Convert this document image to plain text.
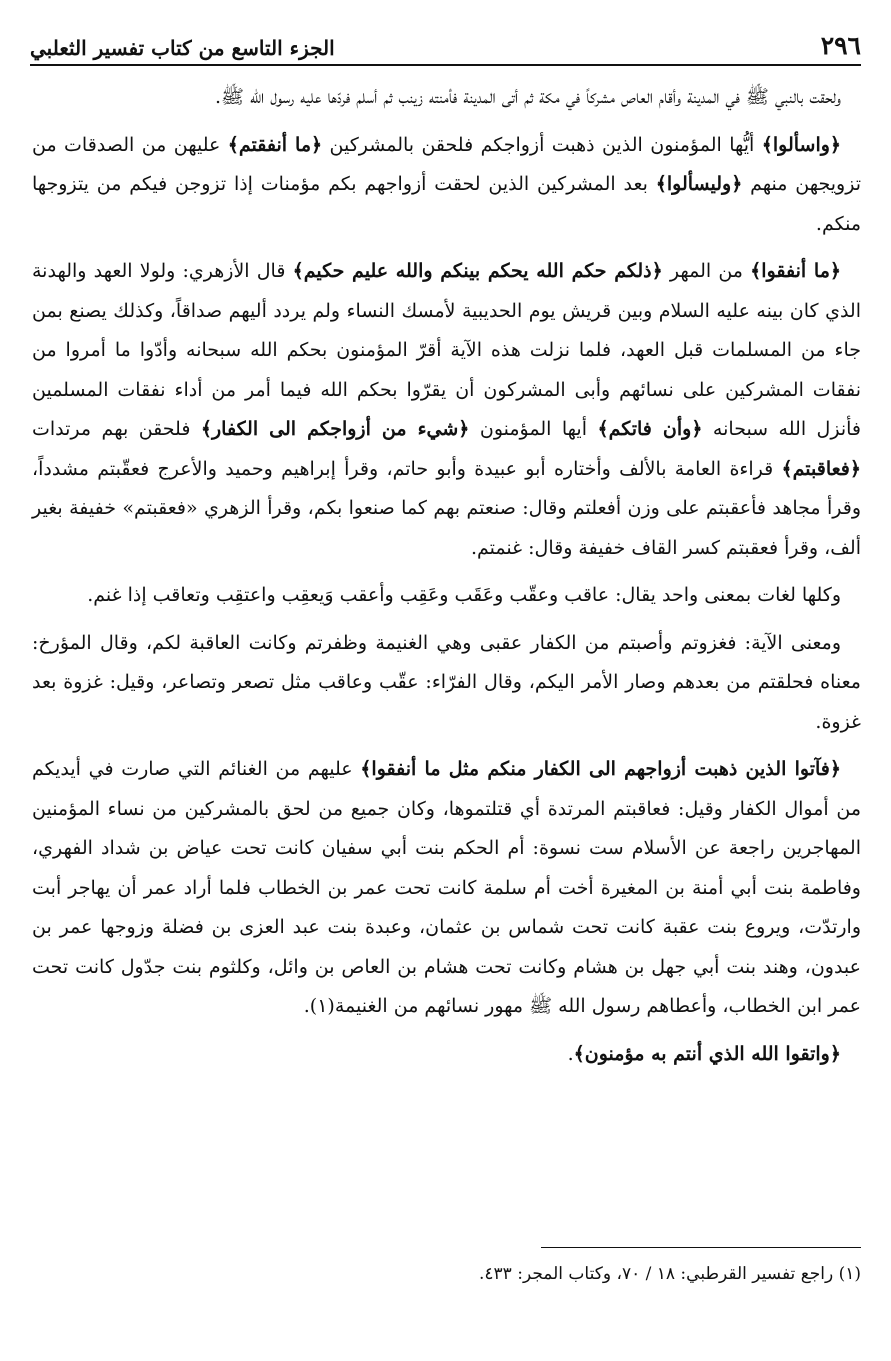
٢٩٦
الجزء التاسع من كتاب تفسير الثعلبي

ولحقت بالنبي ﷺ في المدينة وأقام العاص مشركاً في مكة ثم أتى المدينة فأمنته زينب ثم أسلم فردّها عليه رسول الله ﷺ.

﴿واسألوا﴾ أيُّها المؤمنون الذين ذهبت أزواجكم فلحقن بالمشركين ﴿ما أنفقتم﴾ عليهن من الصدقات من تزويجهن منهم ﴿وليسألوا﴾ بعد المشركين الذين لحقت أزواجهم بكم مؤمنات إذا تزوجن فيكم من يتزوجها منكم.

﴿ما أنفقوا﴾ من المهر ﴿ذلكم حكم الله يحكم بينكم والله عليم حكيم﴾ قال الأزهري: ولولا العهد والهدنة الذي كان بينه عليه السلام وبين قريش يوم الحديبية لأمسك النساء ولم يردد أليهم صداقاً، وكذلك يصنع بمن جاء من المسلمات قبل العهد، فلما نزلت هذه الآية أقرّ المؤمنون بحكم الله سبحانه وأدّوا ما أمروا من نفقات المشركين على نسائهم وأبى المشركون أن يقرّوا بحكم الله فيما أمر من أداء نفقات المسلمين فأنزل الله سبحانه ﴿وأن فاتكم﴾ أيها المؤمنون ﴿شيء من أزواجكم الى الكفار﴾ فلحقن بهم مرتدات ﴿فعاقبتم﴾ قراءة العامة بالألف وأختاره أبو عبيدة وأبو حاتم، وقرأ إبراهيم وحميد والأعرج فعقّبتم مشدداً، وقرأ مجاهد فأعقبتم على وزن أفعلتم وقال: صنعتم بهم كما صنعوا بكم، وقرأ الزهري «فعقبتم» خفيفة بغير ألف، وقرأ فعقبتم كسر القاف خفيفة وقال: غنمتم.

وكلها لغات بمعنى واحد يقال: عاقب وعقّب وعَقَب وعَقِب وأعقب وَيعقِب واعتقِب وتعاقب إذا غنم.

ومعنى الآية: فغزوتم وأصبتم من الكفار عقبى وهي الغنيمة وظفرتم وكانت العاقبة لكم، وقال المؤرخ: معناه فحلقتم من بعدهم وصار الأمر اليكم، وقال الفرّاء: عقّب وعاقب مثل تصعر وتصاعر، وقيل: غزوة بعد غزوة.

﴿فآتوا الذين ذهبت أزواجهم الى الكفار منكم مثل ما أنفقوا﴾ عليهم من الغنائم التي صارت في أيديكم من أموال الكفار وقيل: فعاقبتم المرتدة أي قتلتموها، وكان جميع من لحق بالمشركين من نساء المؤمنين المهاجرين راجعة عن الأسلام ست نسوة: أم الحكم بنت أبي سفيان كانت تحت عياض بن شداد الفهري، وفاطمة بنت أبي أمنة بن المغيرة أخت أم سلمة كانت تحت عمر بن الخطاب فلما أراد عمر أن يهاجر أبت وارتدّت، ويروع بنت عقبة كانت تحت شماس بن عثمان، وعبدة بنت عبد العزى بن فضلة وزوجها عمر بن عبدون، وهند بنت أبي جهل بن هشام وكانت تحت هشام بن العاص بن وائل، وكلثوم بنت جدّول كانت تحت عمر ابن الخطاب، وأعطاهم رسول الله ﷺ مهور نسائهم من الغنيمة(١).

﴿واتقوا الله الذي أنتم به مؤمنون﴾.

(١) راجع تفسير القرطبي: ١٨ / ٧٠، وكتاب المجر: ٤٣٣.
